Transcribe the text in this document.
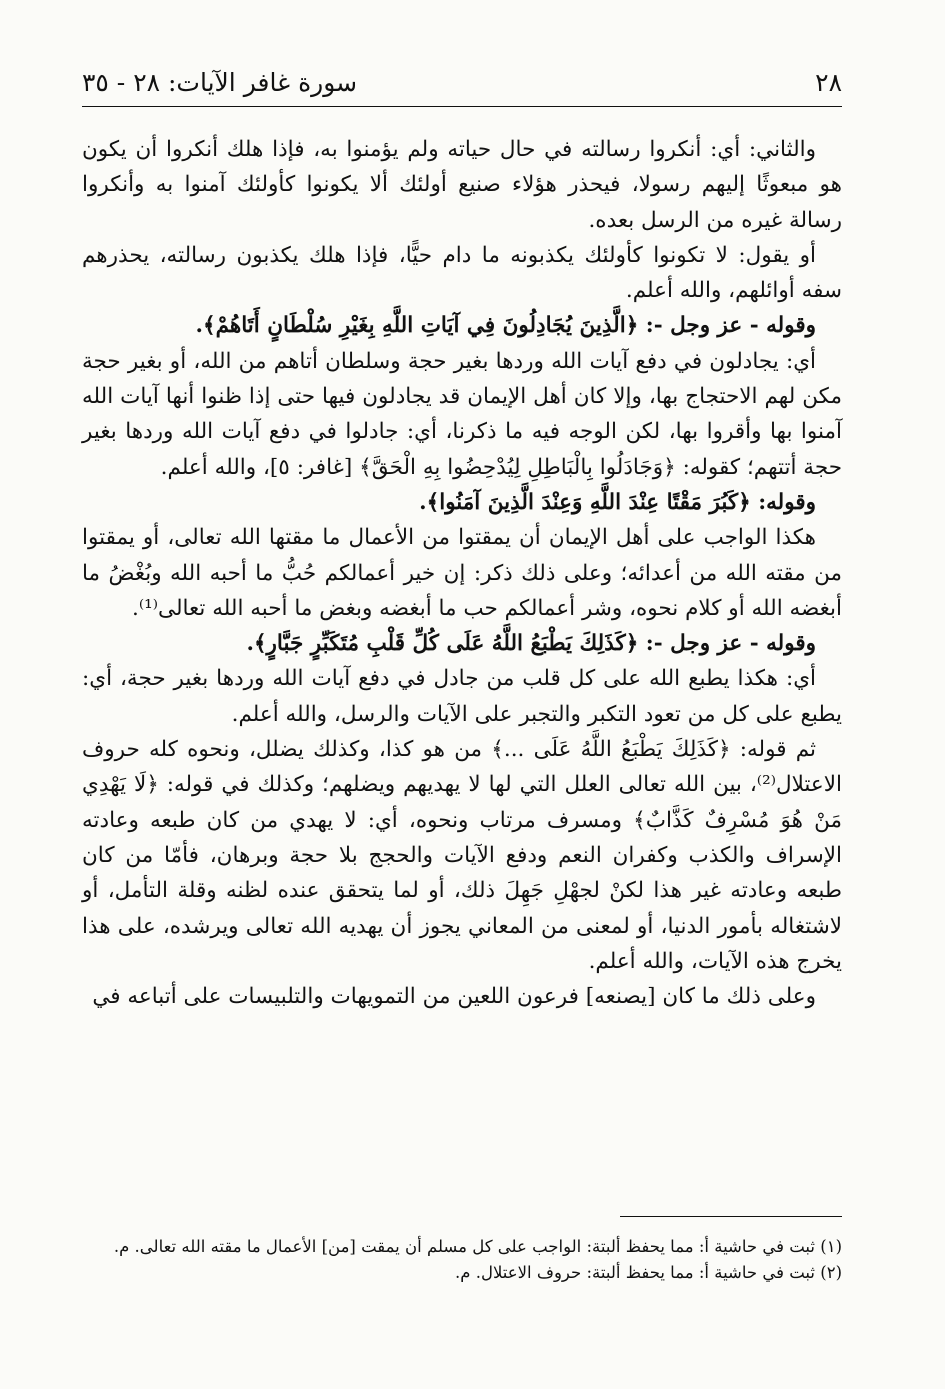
٢٨
سورة غافر الآيات: ٢٨ - ٣٥

والثاني: أي: أنكروا رسالته في حال حياته ولم يؤمنوا به، فإذا هلك أنكروا أن يكون هو مبعوثًا إليهم رسولا، فيحذر هؤلاء صنيع أولئك ألا يكونوا كأولئك آمنوا به وأنكروا رسالة غيره من الرسل بعده.

أو يقول: لا تكونوا كأولئك يكذبونه ما دام حيًّا، فإذا هلك يكذبون رسالته، يحذرهم سفه أوائلهم، والله أعلم.

وقوله - عز وجل -: ﴿الَّذِينَ يُجَادِلُونَ فِي آيَاتِ اللَّهِ بِغَيْرِ سُلْطَانٍ أَتَاهُمْ﴾.

أي: يجادلون في دفع آيات الله وردها بغير حجة وسلطان أتاهم من الله، أو بغير حجة مكن لهم الاحتجاج بها، وإلا كان أهل الإيمان قد يجادلون فيها حتى إذا ظنوا أنها آيات الله آمنوا بها وأقروا بها، لكن الوجه فيه ما ذكرنا، أي: جادلوا في دفع آيات الله وردها بغير حجة أتتهم؛ كقوله: ﴿وَجَادَلُوا بِالْبَاطِلِ لِيُدْحِضُوا بِهِ الْحَقَّ﴾ [غافر: ٥]، والله أعلم.

وقوله: ﴿كَبُرَ مَقْتًا عِنْدَ اللَّهِ وَعِنْدَ الَّذِينَ آمَنُوا﴾.

هكذا الواجب على أهل الإيمان أن يمقتوا من الأعمال ما مقتها الله تعالى، أو يمقتوا من مقته الله من أعدائه؛ وعلى ذلك ذكر: إن خير أعمالكم حُبُّ ما أحبه الله وبُغْضُ ما أبغضه الله أو كلام نحوه، وشر أعمالكم حب ما أبغضه وبغض ما أحبه الله تعالى⁽¹⁾.

وقوله - عز وجل -: ﴿كَذَلِكَ يَطْبَعُ اللَّهُ عَلَى كُلِّ قَلْبِ مُتَكَبِّرٍ جَبَّارٍ﴾.

أي: هكذا يطبع الله على كل قلب من جادل في دفع آيات الله وردها بغير حجة، أي: يطبع على كل من تعود التكبر والتجبر على الآيات والرسل، والله أعلم.

ثم قوله: ﴿كَذَلِكَ يَطْبَعُ اللَّهُ عَلَى ...﴾ من هو كذا، وكذلك يضلل، ونحوه كله حروف الاعتلال⁽²⁾، بين الله تعالى العلل التي لها لا يهديهم ويضلهم؛ وكذلك في قوله: ﴿لَا يَهْدِي مَنْ هُوَ مُسْرِفٌ كَذَّابٌ﴾ ومسرف مرتاب ونحوه، أي: لا يهدي من كان طبعه وعادته الإسراف والكذب وكفران النعم ودفع الآيات والحجج بلا حجة وبرهان، فأمّا من كان طبعه وعادته غير هذا لكنْ لجهْلِ جَهِلَ ذلك، أو لما يتحقق عنده لظنه وقلة التأمل، أو لاشتغاله بأمور الدنيا، أو لمعنى من المعاني يجوز أن يهديه الله تعالى ويرشده، على هذا يخرج هذه الآيات، والله أعلم.

وعلى ذلك ما كان [يصنعه] فرعون اللعين من التمويهات والتلبيسات على أتباعه في

(١) ثبت في حاشية أ: مما يحفظ ألبتة: الواجب على كل مسلم أن يمقت [من] الأعمال ما مقته الله تعالى. م.

(٢) ثبت في حاشية أ: مما يحفظ ألبتة: حروف الاعتلال. م.
